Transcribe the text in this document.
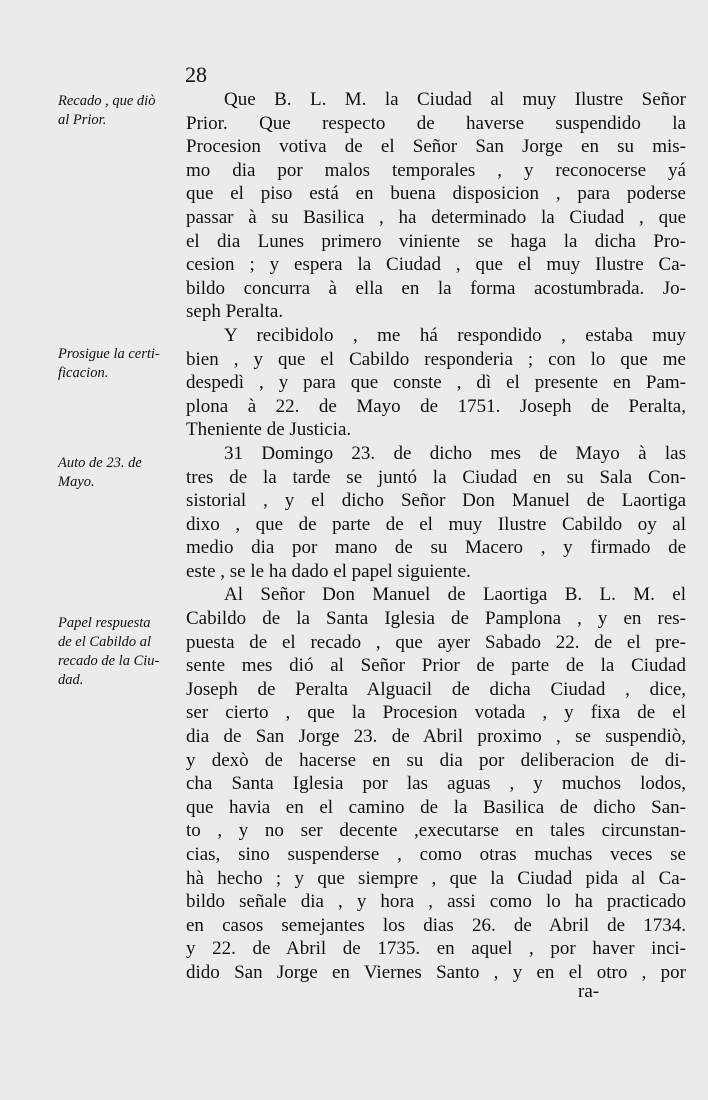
28
Recado , que diò
al Prior.
Prosigue la certi-
ficacion.
Auto de 23. de
Mayo.
Papel respuesta
de el Cabildo al
recado de la Ciu-
dad.
Que B. L. M. la Ciudad al muy Ilustre Señor
Prior. Que respecto de haverse suspendido la
Procesion votiva de el Señor San Jorge en su mis-
mo dia por malos temporales , y reconocerse yá
que el piso está en buena disposicion , para poderse
passar à su Basilica , ha determinado la Ciudad , que
el dia Lunes primero viniente se haga la dicha Pro-
cesion ; y espera la Ciudad , que el muy Ilustre Ca-
bildo concurra à ella en la forma acostumbrada. Jo-
seph Peralta.
Y recibidolo , me há respondido , estaba muy
bien , y que el Cabildo responderia ; con lo que me
despedì , y para que conste , dì el presente en Pam-
plona à 22. de Mayo de 1751. Joseph de Peralta,
Theniente de Justicia.
31 Domingo 23. de dicho mes de Mayo à las
tres de la tarde se juntó la Ciudad en su Sala Con-
sistorial , y el dicho Señor Don Manuel de Laortiga
dixo , que de parte de el muy Ilustre Cabildo oy al
medio dia por mano de su Macero , y firmado de
este , se le ha dado el papel siguiente.
Al Señor Don Manuel de Laortiga B. L. M. el
Cabildo de la Santa Iglesia de Pamplona , y en res-
puesta de el recado , que ayer Sabado 22. de el pre-
sente mes dió al Señor Prior de parte de la Ciudad
Joseph de Peralta Alguacil de dicha Ciudad , dice,
ser cierto , que la Procesion votada , y fixa de el
dia de San Jorge 23. de Abril proximo , se suspendiò,
y dexò de hacerse en su dia por deliberacion de di-
cha Santa Iglesia por las aguas , y muchos lodos,
que havia en el camino de la Basilica de dicho San-
to , y no ser decente ,executarse en tales circunstan-
cias, sino suspenderse , como otras muchas veces se
hà hecho ; y que siempre , que la Ciudad pida al Ca-
bildo señale dia , y hora , assi como lo ha practicado
en casos semejantes los dias 26. de Abril de 1734.
y 22. de Abril de 1735. en aquel , por haver inci-
dido San Jorge en Viernes Santo , y en el otro , por
ra-
